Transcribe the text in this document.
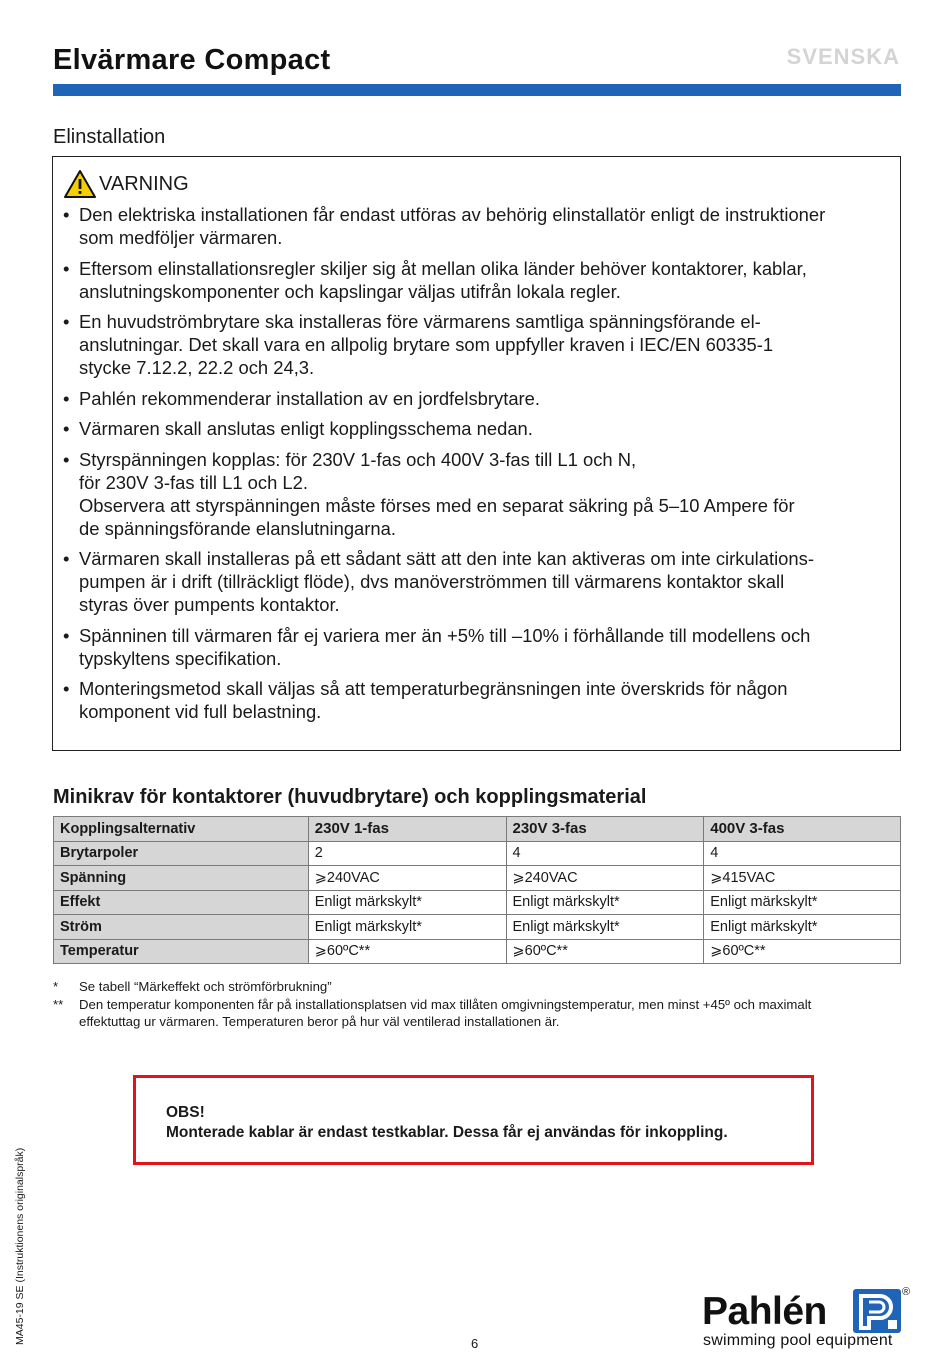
Elvärmare Compact	SVENSKA
Elinstallation
VARNING
• Den elektriska installationen får endast utföras av behörig elinstallatör enligt de instruktioner
som medföljer värmaren.
• Eftersom elinstallationsregler skiljer sig åt mellan olika länder behöver kontaktorer, kablar,
anslutningskomponenter och kapslingar väljas utifrån lokala regler.
• En huvudströmbrytare ska installeras före värmarens samtliga spänningsförande el-
anslutningar. Det skall vara en allpolig brytare som uppfyller kraven i IEC/EN 60335-1
stycke 7.12.2, 22.2 och 24,3.
• Pahlén rekommenderar installation av en jordfelsbrytare.
• Värmaren skall anslutas enligt kopplingsschema nedan.
• Styrspänningen kopplas: för 230V 1-fas och 400V 3-fas till L1 och N,
för 230V 3-fas till L1 och L2.
Observera att styrspänningen måste förses med en separat säkring på 5–10 Ampere för
de spänningsförande elanslutningarna.
• Värmaren skall installeras på ett sådant sätt att den inte kan aktiveras om inte cirkulations-
pumpen är i drift (tillräckligt flöde), dvs manöverströmmen till värmarens kontaktor skall
styras över pumpents kontaktor.
• Spänninen till värmaren får ej variera mer än +5% till –10% i förhållande till modellens och
typskyltens specifikation.
• Monteringsmetod skall väljas så att temperaturbegränsningen inte överskrids för någon
komponent vid full belastning.
Minikrav för kontaktorer (huvudbrytare) och kopplingsmaterial
Kopplingsalternativ	230V 1-fas	230V 3-fas	400V 3-fas
Brytarpoler	2	4	4
Spänning	⩾240VAC	⩾240VAC	⩾415VAC
Effekt	Enligt märkskylt*	Enligt märkskylt*	Enligt märkskylt*
Ström	Enligt märkskylt*	Enligt märkskylt*	Enligt märkskylt*
Temperatur	⩾60ºC**	⩾60ºC**	⩾60ºC**
*	Se tabell “Märkeffekt och strömförbrukning”
**	Den temperatur komponenten får på installationsplatsen vid max tillåten omgivningstemperatur, men minst +45º och maximalt effektuttag ur värmaren. Temperaturen beror på hur väl ventilerad installationen är.
OBS!
Monterade kablar är endast testkablar. Dessa får ej användas för inkoppling.
MA45-19 SE (Instruktionens originalspråk)	6
Pahlén	®
swimming pool equipment
